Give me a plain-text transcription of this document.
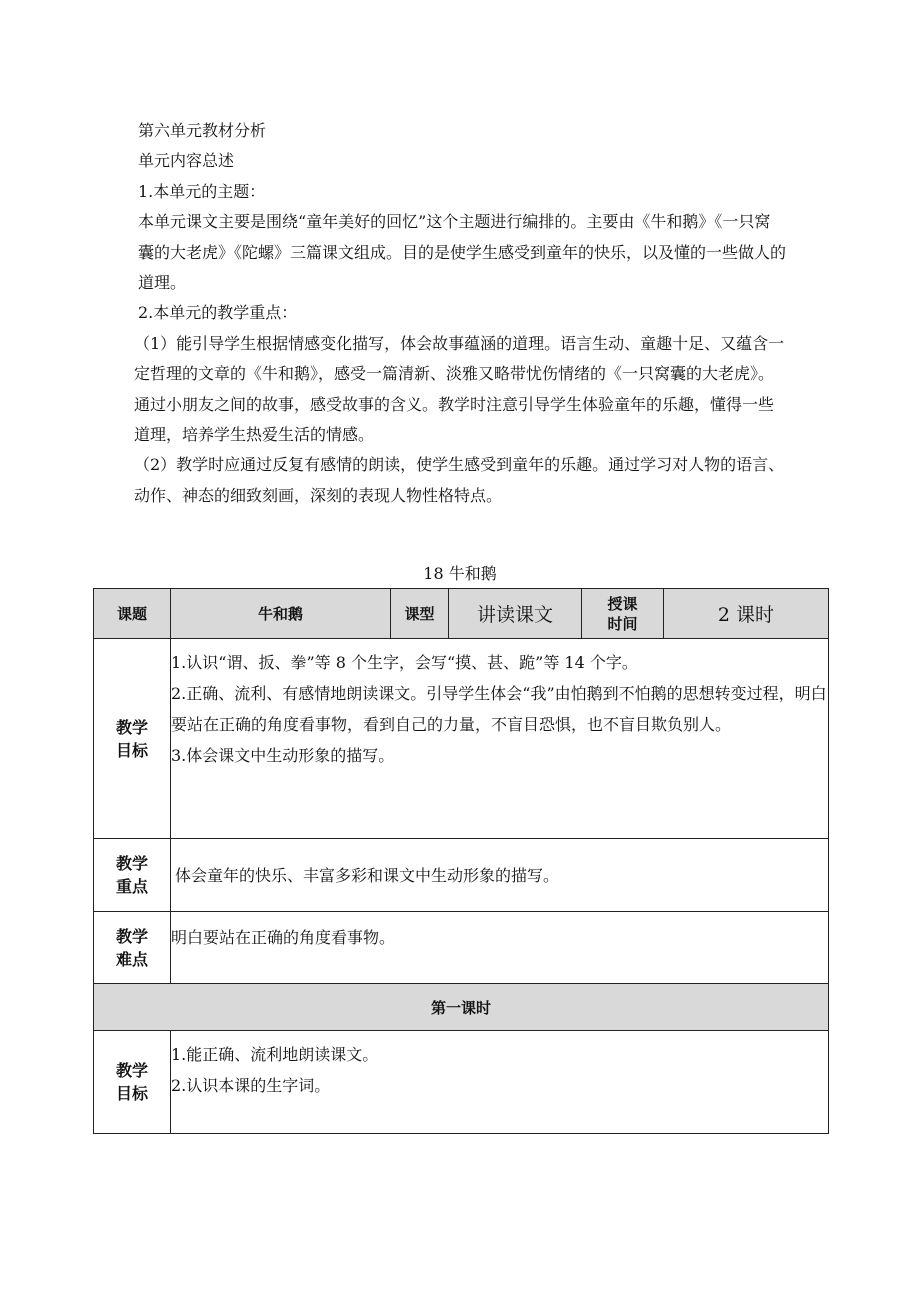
第六单元教材分析

单元内容总述

1.本单元的主题：

本单元课文主要是围绕“童年美好的回忆”这个主题进行编排的。主要由《牛和鹅》《一只窝囊的大老虎》《陀螺》三篇课文组成。目的是使学生感受到童年的快乐，以及懂的一些做人的道理。

2.本单元的教学重点：

（1）能引导学生根据情感变化描写，体会故事蕴涵的道理。语言生动、童趣十足、又蕴含一定哲理的文章的《牛和鹅》，感受一篇清新、淡雅又略带忧伤情绪的《一只窝囊的大老虎》。通过小朋友之间的故事，感受故事的含义。教学时注意引导学生体验童年的乐趣，懂得一些道理，培养学生热爱生活的情感。

（2）教学时应通过反复有感情的朗读，使学生感受到童年的乐趣。通过学习对人物的语言、动作、神态的细致刻画，深刻的表现人物性格特点。

18 牛和鹅
课题	牛和鹅	课型	讲读课文	授课时间	2 课时

教学目标	1.认识“谓、扳、拳”等 8 个生字，会写“摸、甚、跪”等 14 个字。

2.正确、流利、有感情地朗读课文。引导学生体会“我”由怕鹅到不怕鹅的思想转变过程，明白要站在正确的角度看事物，看到自己的力量，不盲目恐惧，也不盲目欺负别人。

3.体会课文中生动形象的描写。				

教学重点	体会童年的快乐、丰富多彩和课文中生动形象的描写。				

教学难点	明白要站在正确的角度看事物。				
第一课时					

教学目标	1.能正确、流利地朗读课文。

2.认识本课的生字词。				
